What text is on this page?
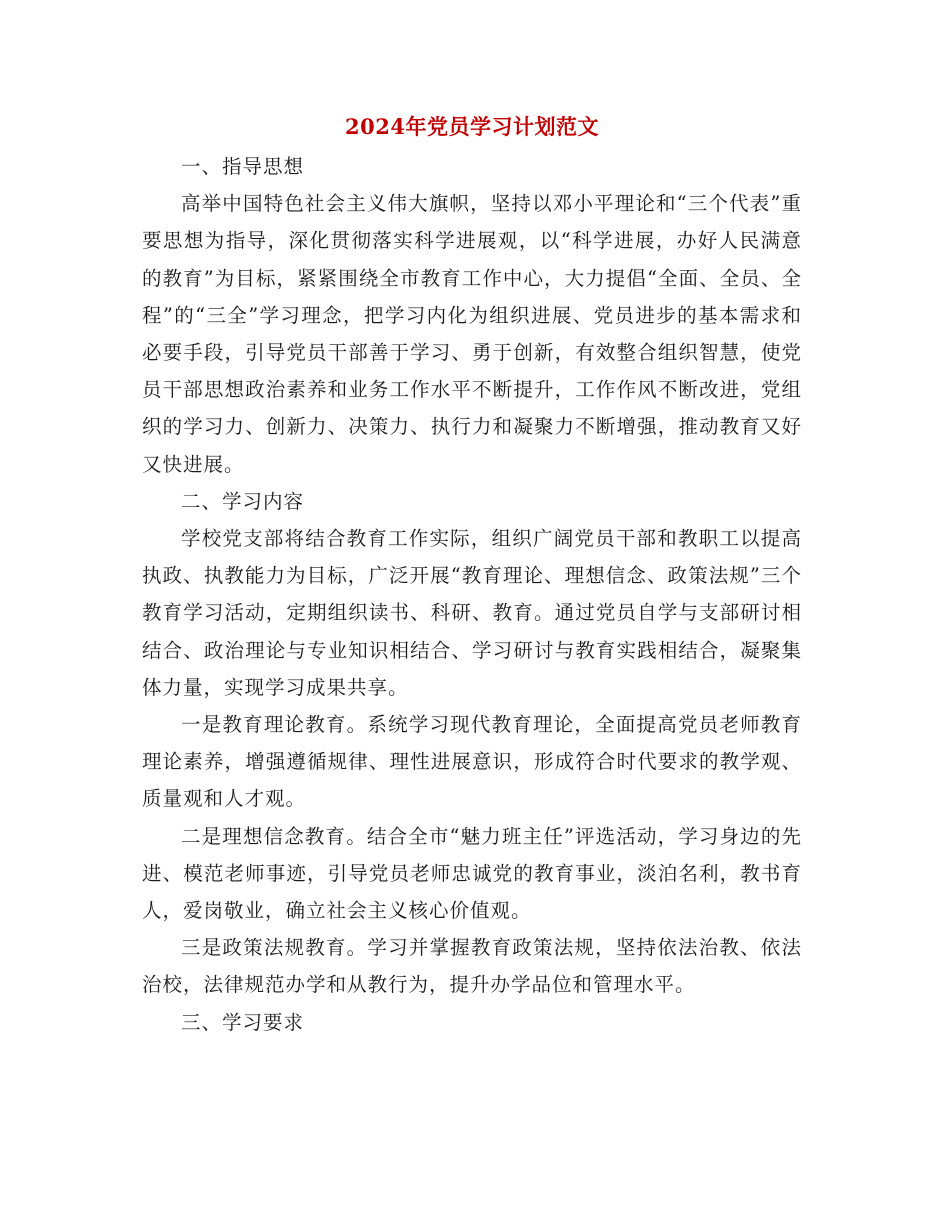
2024年党员学习计划范文

一、指导思想

高举中国特色社会主义伟大旗帜，坚持以邓小平理论和“三个代表”重要思想为指导，深化贯彻落实科学进展观，以“科学进展，办好人民满意的教育”为目标，紧紧围绕全市教育工作中心，大力提倡“全面、全员、全程”的“三全”学习理念，把学习内化为组织进展、党员进步的基本需求和必要手段，引导党员干部善于学习、勇于创新，有效整合组织智慧，使党员干部思想政治素养和业务工作水平不断提升，工作作风不断改进，党组织的学习力、创新力、决策力、执行力和凝聚力不断增强，推动教育又好又快进展。

二、学习内容

学校党支部将结合教育工作实际，组织广阔党员干部和教职工以提高执政、执教能力为目标，广泛开展“教育理论、理想信念、政策法规”三个教育学习活动，定期组织读书、科研、教育。通过党员自学与支部研讨相结合、政治理论与专业知识相结合、学习研讨与教育实践相结合，凝聚集体力量，实现学习成果共享。

一是教育理论教育。系统学习现代教育理论，全面提高党员老师教育理论素养，增强遵循规律、理性进展意识，形成符合时代要求的教学观、质量观和人才观。

二是理想信念教育。结合全市“魅力班主任”评选活动，学习身边的先进、模范老师事迹，引导党员老师忠诚党的教育事业，淡泊名利，教书育人，爱岗敬业，确立社会主义核心价值观。

三是政策法规教育。学习并掌握教育政策法规，坚持依法治教、依法治校，法律规范办学和从教行为，提升办学品位和管理水平。

三、学习要求
